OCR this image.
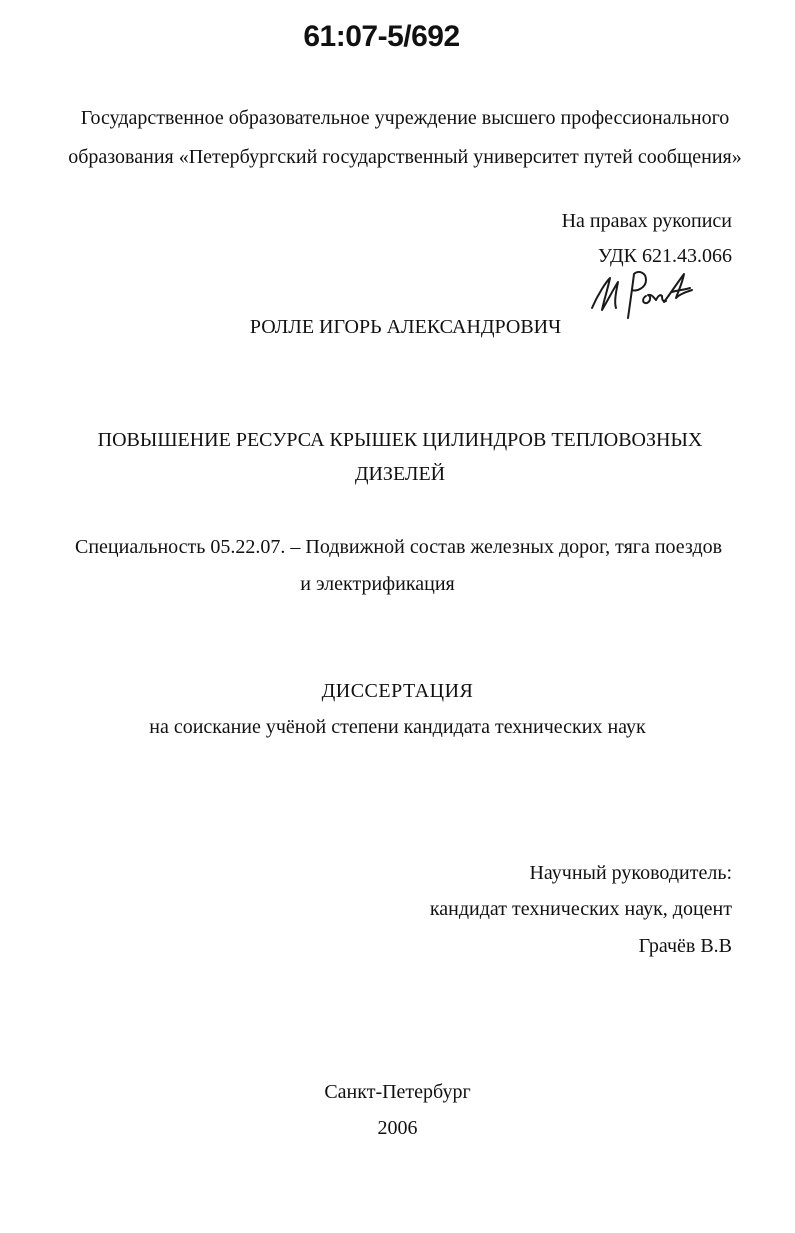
61:07-5/692
Государственное образовательное учреждение высшего профессионального образования «Петербургский государственный университет путей сообщения»
На правах рукописи
УДК 621.43.066
РОЛЛЕ ИГОРЬ АЛЕКСАНДРОВИЧ
ПОВЫШЕНИЕ РЕСУРСА КРЫШЕК ЦИЛИНДРОВ ТЕПЛОВОЗНЫХ ДИЗЕЛЕЙ
Специальность 05.22.07. – Подвижной состав железных дорог, тяга поездов
и электрификация
ДИССЕРТАЦИЯ
на соискание учёной степени кандидата технических наук
Научный руководитель:
кандидат технических наук, доцент
Грачёв В.В
Санкт-Петербург
2006
